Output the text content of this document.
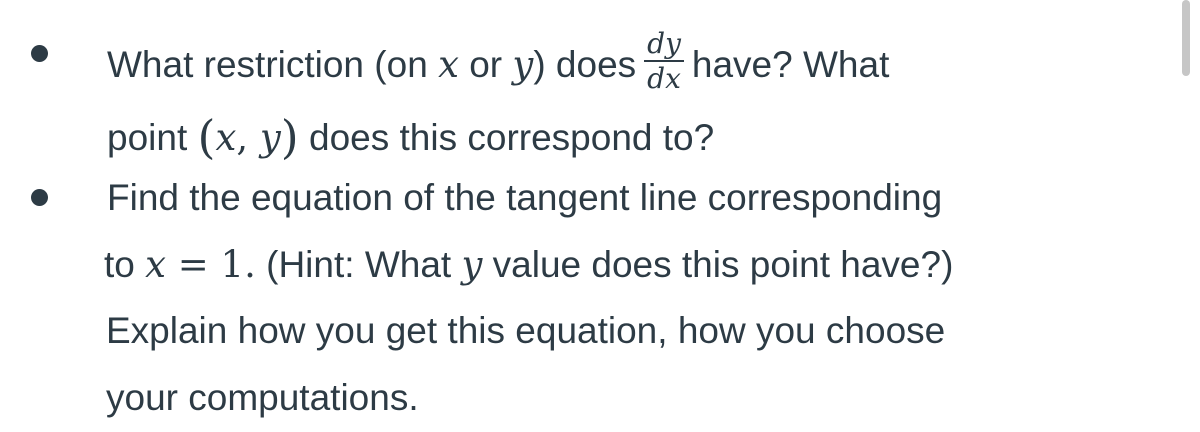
What restriction (on x or y) does $\frac{dy}{dx}$ have? What
point (x, y) does this correspond to?
Find the equation of the tangent line corresponding
to x = 1. (Hint: What y value does this point have?)
Explain how you get this equation, how you choose
your computations.
